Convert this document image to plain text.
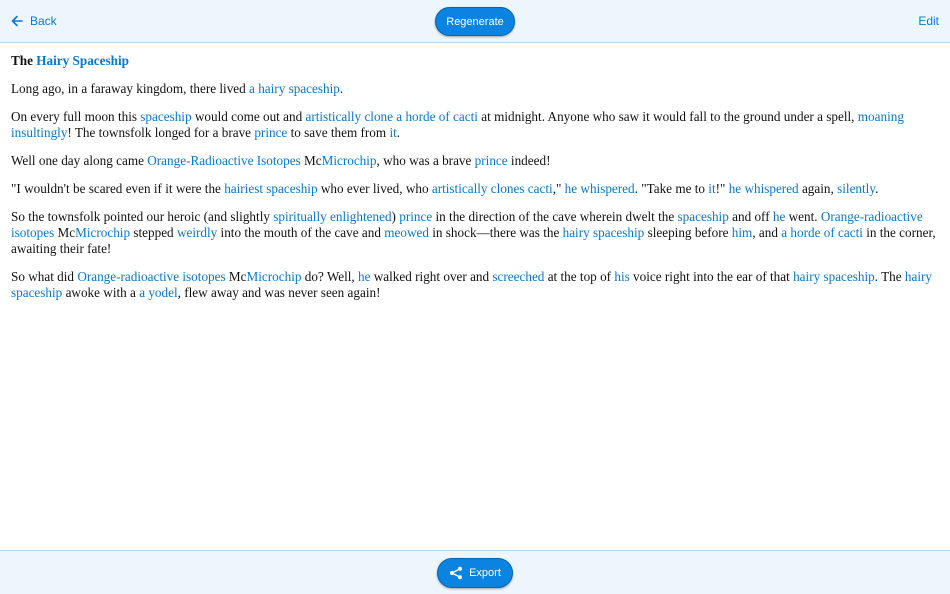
Back	Regenerate	Edit
The Hairy Spaceship

Long ago, in a faraway kingdom, there lived a hairy spaceship.

On every full moon this spaceship would come out and artistically clone a horde of cacti at midnight. Anyone who saw it would fall to the ground under a spell, moaning insultingly! The townsfolk longed for a brave prince to save them from it.

Well one day along came Orange-Radioactive Isotopes McMicrochip, who was a brave prince indeed!

"I wouldn't be scared even if it were the hairiest spaceship who ever lived, who artistically clones cacti," he whispered. "Take me to it!" he whispered again, silently.

So the townsfolk pointed our heroic (and slightly spiritually enlightened) prince in the direction of the cave wherein dwelt the spaceship and off he went. Orange-radioactive isotopes McMicrochip stepped weirdly into the mouth of the cave and meowed in shock—there was the hairy spaceship sleeping before him, and a horde of cacti in the corner, awaiting their fate!

So what did Orange-radioactive isotopes McMicrochip do? Well, he walked right over and screeched at the top of his voice right into the ear of that hairy spaceship. The hairy spaceship awoke with a a yodel, flew away and was never seen again!

Export
